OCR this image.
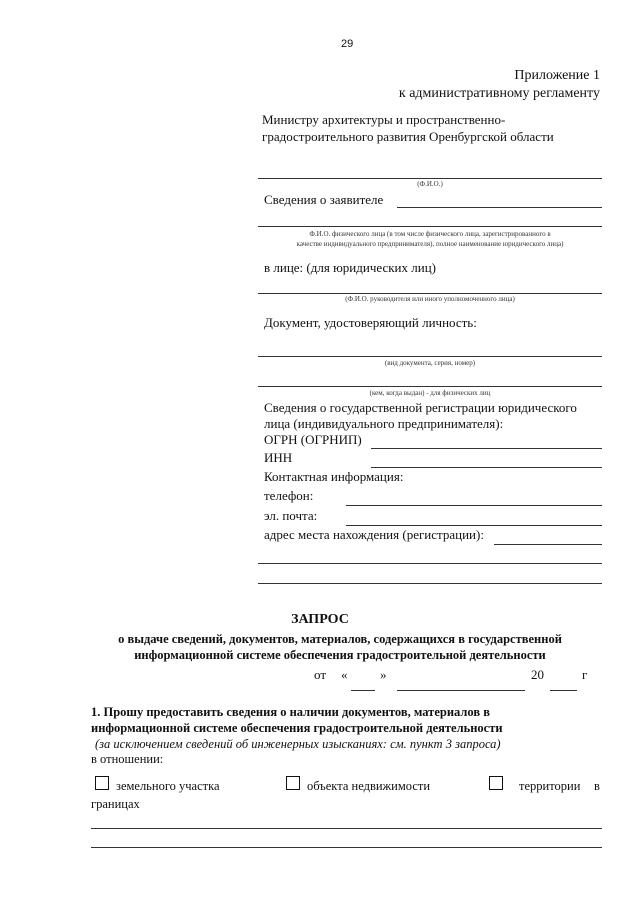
29
Приложение 1
к административному регламенту
Министру архитектуры и пространственно-
градостроительного развития Оренбургской области
(Ф.И.О.)
Сведения о заявителе
Ф.И.О. физического лица (в том числе физического лица, зарегистрированного в
качестве индивидуального предпринимателя), полное наименование юридического лица)
в лице: (для юридических лиц)
(Ф.И.О. руководителя или иного уполномоченного лица)
Документ, удостоверяющий личность:
(вид документа, серия, номер)
(кем, когда выдан) - для физических лиц
Сведения о государственной регистрации юридического
лица (индивидуального предпринимателя):
ОГРН (ОГРНИП)
ИНН
Контактная информация:
телефон:
эл. почта:
адрес места нахождения (регистрации):
ЗАПРОС
о выдаче сведений, документов, материалов, содержащихся в государственной
информационной системе обеспечения градостроительной деятельности
от «	»	20	г
1. Прошу предоставить сведения о наличии документов, материалов в
информационной системе обеспечения градостроительной деятельности
(за исключением сведений об инженерных изысканиях: см. пункт 3 запроса)
в отношении:
земельного участка	объекта недвижимости	территории в
границах
